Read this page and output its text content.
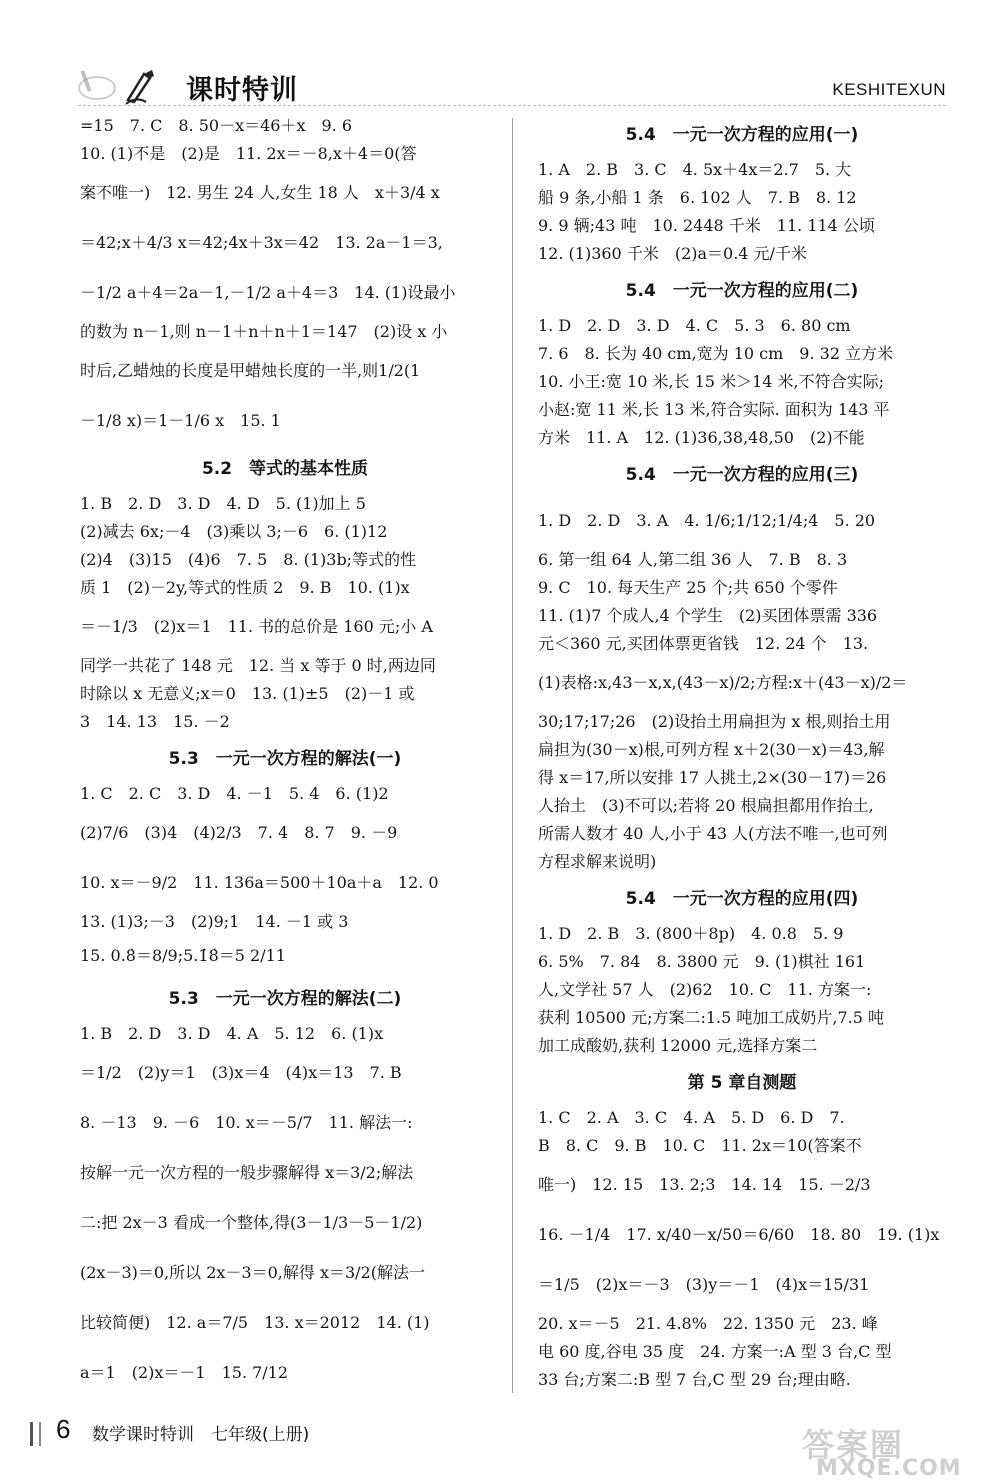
课时特训	KESHITEXUN
=15　7. C　8. 50－x＝46＋x　9. 6
10. (1)不是　(2)是　11. 2x＝－8,x＋4＝0(答
案不唯一)　12. 男生 24 人,女生 18 人　x＋3/4 x
＝42;x＋4/3 x＝42;4x＋3x＝42　13. 2a－1＝3,
－1/2 a＋4＝2a－1,－1/2 a＋4＝3　14. (1)设最小
的数为 n－1,则 n－1＋n＋n＋1＝147　(2)设 x 小
时后,乙蜡烛的长度是甲蜡烛长度的一半,则1/2(1
－1/8 x)＝1－1/6 x　15. 1
5.2　等式的基本性质
1. B　2. D　3. D　4. D　5. (1)加上 5
(2)减去 6x;－4　(3)乘以 3;－6　6. (1)12
(2)4　(3)15　(4)6　7. 5　8. (1)3b;等式的性
质 1　(2)－2y,等式的性质 2　9. B　10. (1)x
＝－1/3　(2)x＝1　11. 书的总价是 160 元;小 A
同学一共花了 148 元　12. 当 x 等于 0 时,两边同
时除以 x 无意义;x＝0　13. (1)±5　(2)－1 或
3　14. 13　15. －2
5.3　一元一次方程的解法(一)
1. C　2. C　3. D　4. －1　5. 4　6. (1)2
(2)7/6　(3)4　(4)2/3　7. 4　8. 7　9. －9
10. x＝－9/2　11. 136a＝500＋10a＋a　12. 0
13. (1)3;－3　(2)9;1　14. －1 或 3
15. 0.8̇＝8/9;5.1̇8̇＝5 2/11
5.3　一元一次方程的解法(二)
1. B　2. D　3. D　4. A　5. 12　6. (1)x
＝1/2　(2)y＝1　(3)x＝4　(4)x＝13　7. B
8. －13　9. －6　10. x＝－5/7　11. 解法一:
按解一元一次方程的一般步骤解得 x＝3/2;解法
二:把 2x－3 看成一个整体,得(3－1/3－5－1/2)
(2x－3)＝0,所以 2x－3＝0,解得 x＝3/2(解法一
比较简便)　12. a＝7/5　13. x＝2012　14. (1)
a＝1　(2)x＝－1　15. 7/12
5.4　一元一次方程的应用(一)
1. A　2. B　3. C　4. 5x＋4x＝2.7　5. 大
船 9 条,小船 1 条　6. 102 人　7. B　8. 12
9. 9 辆;43 吨　10. 2448 千米　11. 114 公顷
12. (1)360 千米　(2)a＝0.4 元/千米
5.4　一元一次方程的应用(二)
1. D　2. D　3. D　4. C　5. 3　6. 80 cm
7. 6　8. 长为 40 cm,宽为 10 cm　9. 32 立方米
10. 小王:宽 10 米,长 15 米＞14 米,不符合实际;
小赵:宽 11 米,长 13 米,符合实际. 面积为 143 平
方米　11. A　12. (1)36,38,48,50　(2)不能
5.4　一元一次方程的应用(三)
1. D　2. D　3. A　4. 1/6;1/12;1/4;4　5. 20
6. 第一组 64 人,第二组 36 人　7. B　8. 3
9. C　10. 每天生产 25 个;共 650 个零件
11. (1)7 个成人,4 个学生　(2)买团体票需 336
元＜360 元,买团体票更省钱　12. 24 个　13.
(1)表格:x,43－x,x,(43－x)/2;方程:x＋(43－x)/2＝
30;17;17;26　(2)设抬土用扁担为 x 根,则抬土用
扁担为(30－x)根,可列方程 x＋2(30－x)＝43,解
得 x＝17,所以安排 17 人挑土,2×(30－17)＝26
人抬土　(3)不可以;若将 20 根扁担都用作抬土,
所需人数才 40 人,小于 43 人(方法不唯一,也可列
方程求解来说明)
5.4　一元一次方程的应用(四)
1. D　2. B　3. (800＋8p)　4. 0.8　5. 9
6. 5%　7. 84　8. 3800 元　9. (1)棋社 161
人,文学社 57 人　(2)62　10. C　11. 方案一:
获利 10500 元;方案二:1.5 吨加工成奶片,7.5 吨
加工成酸奶,获利 12000 元,选择方案二
第 5 章自测题
1. C　2. A　3. C　4. A　5. D　6. D　7.
B　8. C　9. B　10. C　11. 2x＝10(答案不
唯一)　12. 15　13. 2;3　14. 14　15. －2/3
16. －1/4　17. x/40－x/50＝6/60　18. 80　19. (1)x
＝1/5　(2)x＝－3　(3)y＝－1　(4)x＝15/31
20. x＝－5　21. 4.8%　22. 1350 元　23. 峰
电 60 度,谷电 35 度　24. 方案一:A 型 3 台,C 型
33 台;方案二:B 型 7 台,C 型 29 台;理由略.
6 数学课时特训　七年级(上册)	答案圈
MXQE.COM
